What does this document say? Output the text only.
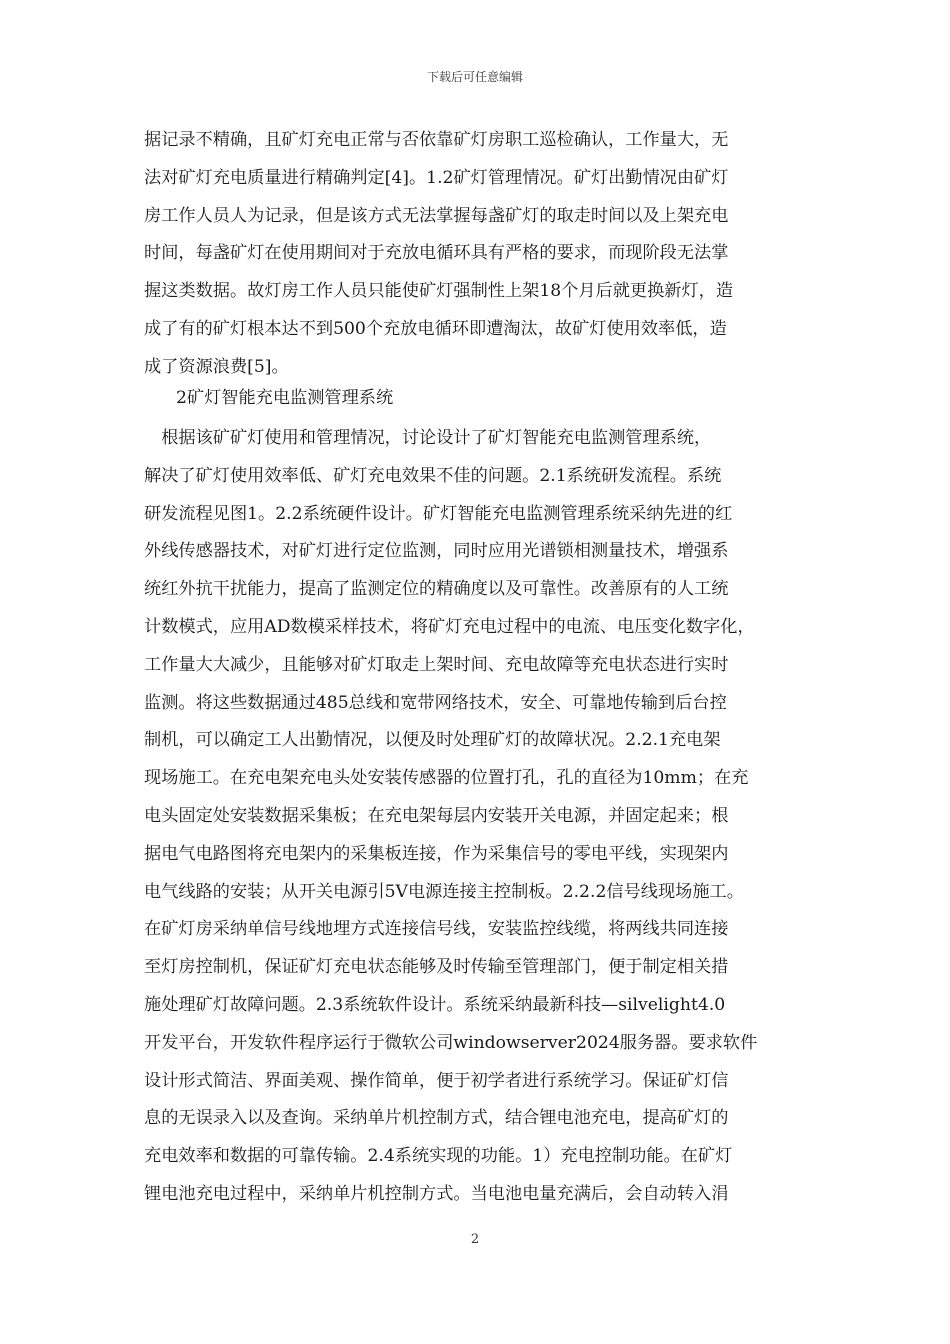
下载后可任意编辑
据记录不精确，且矿灯充电正常与否依靠矿灯房职工巡检确认，工作量大，无
法对矿灯充电质量进行精确判定[4]。1.2矿灯管理情况。矿灯出勤情况由矿灯
房工作人员人为记录，但是该方式无法掌握每盏矿灯的取走时间以及上架充电
时间，每盏矿灯在使用期间对于充放电循环具有严格的要求，而现阶段无法掌
握这类数据。故灯房工作人员只能使矿灯强制性上架18个月后就更换新灯，造
成了有的矿灯根本达不到500个充放电循环即遭淘汰，故矿灯使用效率低，造
成了资源浪费[5]。
2矿灯智能充电监测管理系统
　根据该矿矿灯使用和管理情况，讨论设计了矿灯智能充电监测管理系统，
解决了矿灯使用效率低、矿灯充电效果不佳的问题。2.1系统研发流程。系统
研发流程见图1。2.2系统硬件设计。矿灯智能充电监测管理系统采纳先进的红
外线传感器技术，对矿灯进行定位监测，同时应用光谱锁相测量技术，增强系
统红外抗干扰能力，提高了监测定位的精确度以及可靠性。改善原有的人工统
计数模式，应用AD数模采样技术，将矿灯充电过程中的电流、电压变化数字化，
工作量大大减少，且能够对矿灯取走上架时间、充电故障等充电状态进行实时
监测。将这些数据通过485总线和宽带网络技术，安全、可靠地传输到后台控
制机，可以确定工人出勤情况，以便及时处理矿灯的故障状况。2.2.1充电架
现场施工。在充电架充电头处安装传感器的位置打孔，孔的直径为10mm；在充
电头固定处安装数据采集板；在充电架每层内安装开关电源，并固定起来；根
据电气电路图将充电架内的采集板连接，作为采集信号的零电平线，实现架内
电气线路的安装；从开关电源引5V电源连接主控制板。2.2.2信号线现场施工。
在矿灯房采纳单信号线地埋方式连接信号线，安装监控线缆，将两线共同连接
至灯房控制机，保证矿灯充电状态能够及时传输至管理部门，便于制定相关措
施处理矿灯故障问题。2.3系统软件设计。系统采纳最新科技—silvelight4.0
开发平台，开发软件程序运行于微软公司windowserver2024服务器。要求软件
设计形式简洁、界面美观、操作简单，便于初学者进行系统学习。保证矿灯信
息的无误录入以及查询。采纳单片机控制方式，结合锂电池充电，提高矿灯的
充电效率和数据的可靠传输。2.4系统实现的功能。1）充电控制功能。在矿灯
锂电池充电过程中，采纳单片机控制方式。当电池电量充满后，会自动转入涓
2
